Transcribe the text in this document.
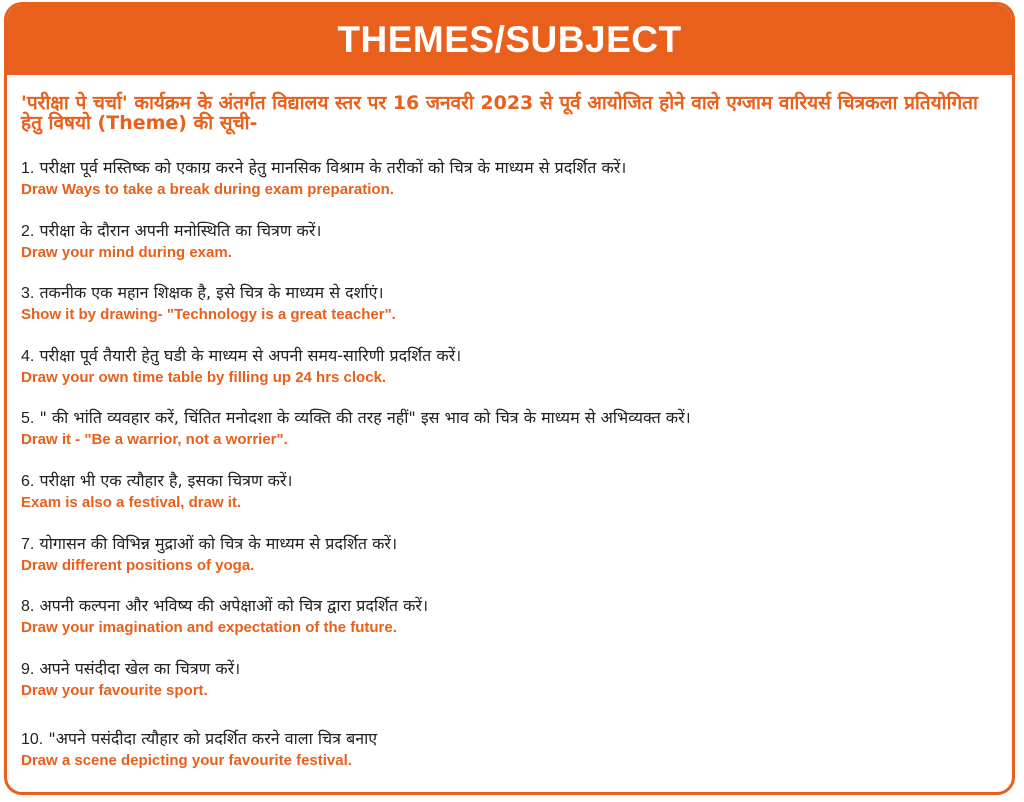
THEMES/SUBJECT
'परीक्षा पे चर्चा' कार्यक्रम के अंतर्गत विद्यालय स्तर पर 16 जनवरी 2023 से पूर्व आयोजित होने वाले एग्जाम वारियर्स चित्रकला प्रतियोगिता हेतु विषयो (Theme) की सूची-
1. परीक्षा पूर्व मस्तिष्क को एकाग्र करने हेतु मानसिक विश्राम के तरीकों को चित्र के माध्यम से प्रदर्शित करें।
Draw Ways to take a break during exam preparation.
2. परीक्षा के दौरान अपनी मनोस्थिति का चित्रण करें।
Draw your mind during exam.
3. तकनीक एक महान शिक्षक है, इसे चित्र के माध्यम से दर्शाएं।
Show it by drawing- "Technology is a great teacher".
4. परीक्षा पूर्व तैयारी हेतु घडी के माध्यम से अपनी समय-सारिणी प्रदर्शित करें।
Draw your own time table by filling up 24 hrs clock.
5. " की भांति व्यवहार करें, चिंतित मनोदशा के व्यक्ति की तरह नहीं" इस भाव को चित्र के माध्यम से अभिव्यक्त करें।
Draw it - "Be a warrior, not a worrier".
6. परीक्षा भी एक त्यौहार है, इसका चित्रण करें।
Exam is also a festival, draw it.
7. योगासन की विभिन्न मुद्राओं को चित्र के माध्यम से प्रदर्शित करें।
Draw different positions of yoga.
8. अपनी कल्पना और भविष्य की अपेक्षाओं को चित्र द्वारा प्रदर्शित करें।
Draw your imagination and expectation of the future.
9. अपने पसंदीदा खेल का चित्रण करें।
Draw your favourite sport.
10. "अपने पसंदीदा त्यौहार को प्रदर्शित करने वाला चित्र बनाए
Draw a scene depicting your favourite festival.
